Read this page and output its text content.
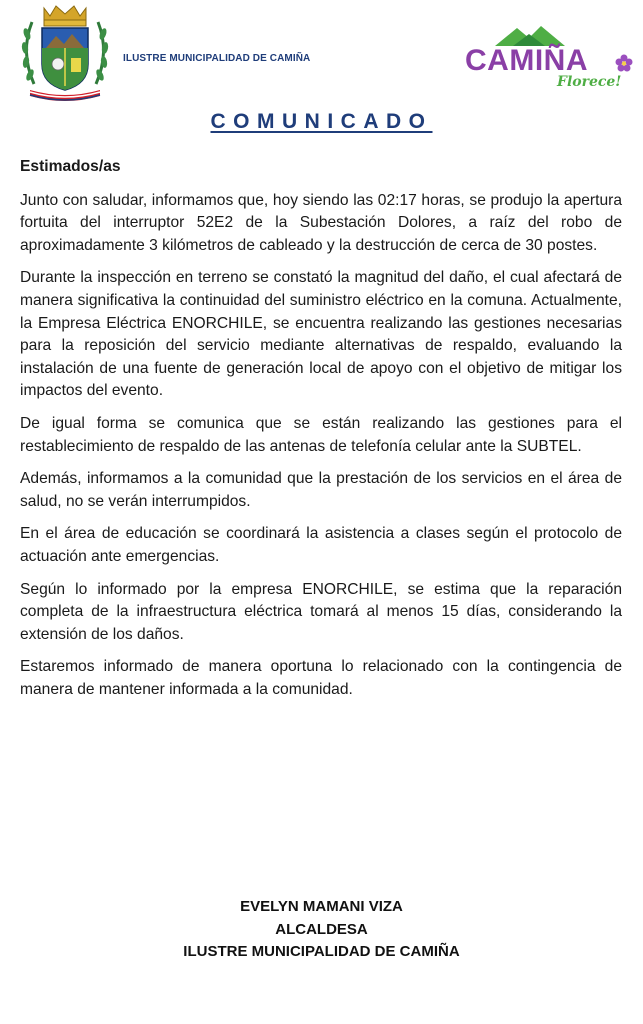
ILUSTRE MUNICIPALIDAD DE CAMIÑA	CAMIÑA
Florece!
COMUNICADO

Estimados/as

Junto con saludar, informamos que, hoy siendo las 02:17 horas, se produjo la apertura fortuita del interruptor 52E2 de la Subestación Dolores, a raíz del robo de aproximadamente 3 kilómetros de cableado y la destrucción de cerca de 30 postes.

Durante la inspección en terreno se constató la magnitud del daño, el cual afectará de manera significativa la continuidad del suministro eléctrico en la comuna. Actualmente, la Empresa Eléctrica ENORCHILE, se encuentra realizando las gestiones necesarias para la reposición del servicio mediante alternativas de respaldo, evaluando la instalación de una fuente de generación local de apoyo con el objetivo de mitigar los impactos del evento.

De igual forma se comunica que se están realizando las gestiones para el restablecimiento de respaldo de las antenas de telefonía celular ante la SUBTEL.

Además, informamos a la comunidad que la prestación de los servicios en el área de salud, no se verán interrumpidos.

En el área de educación se coordinará la asistencia a clases según el protocolo de actuación ante emergencias.

Según lo informado por la empresa ENORCHILE, se estima que la reparación completa de la infraestructura eléctrica tomará al menos 15 días, considerando la extensión de los daños.

Estaremos informado de manera oportuna lo relacionado con la contingencia de manera de mantener informada a la comunidad.

EVELYN MAMANI VIZA
ALCALDESA
ILUSTRE MUNICIPALIDAD DE CAMIÑA
